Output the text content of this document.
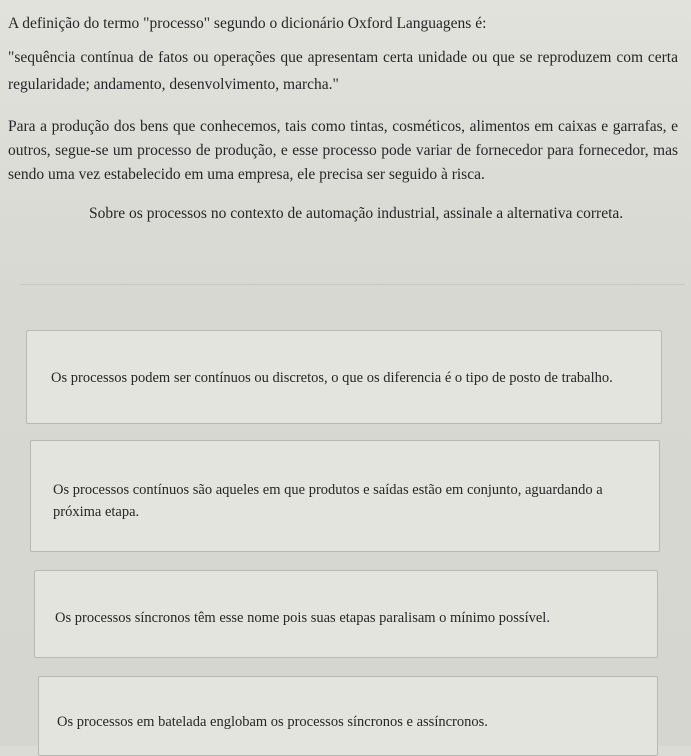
A definição do termo "processo" segundo o dicionário Oxford Languagens é:

"sequência contínua de fatos ou operações que apresentam certa unidade ou que se reproduzem com certa regularidade; andamento, desenvolvimento, marcha."
Para a produção dos bens que conhecemos, tais como tintas, cosméticos, alimentos em caixas e garrafas, e outros, segue-se um processo de produção, e esse processo pode variar de fornecedor para fornecedor, mas sendo uma vez estabelecido em uma empresa, ele precisa ser seguido à risca.
Sobre os processos no contexto de automação industrial, assinale a alternativa correta.
Os processos podem ser contínuos ou discretos, o que os diferencia é o tipo de posto de trabalho.
Os processos contínuos são aqueles em que produtos e saídas estão em conjunto, aguardando a próxima etapa.
Os processos síncronos têm esse nome pois suas etapas paralisam o mínimo possível.
Os processos em batelada englobam os processos síncronos e assíncronos.
